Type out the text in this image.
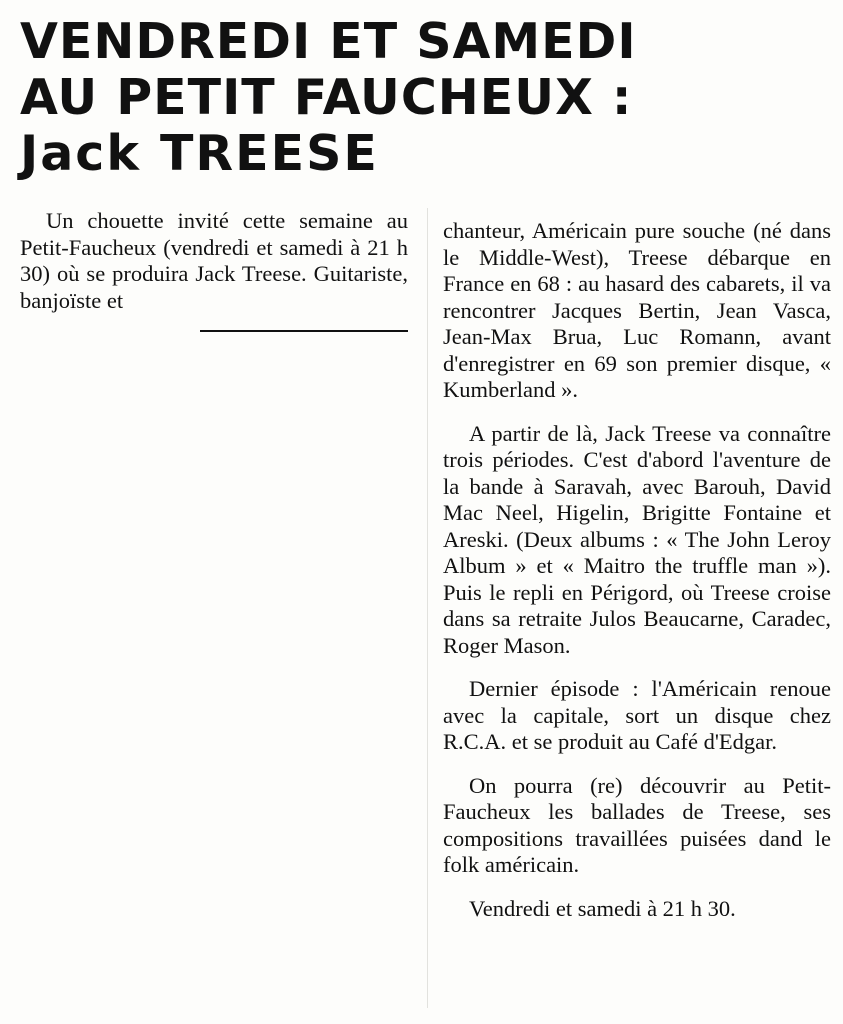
VENDREDI ET SAMEDI
AU PETIT FAUCHEUX :
Jack TREESE

Un chouette invité cette semaine au Petit-Faucheux (vendredi et samedi à 21 h 30) où se produira Jack Treese. Guitariste, banjoïste et

chanteur, Américain pure souche (né dans le Middle-West), Treese débarque en France en 68 : au hasard des cabarets, il va rencontrer Jacques Bertin, Jean Vasca, Jean-Max Brua, Luc Romann, avant d'enregistrer en 69 son premier disque, « Kumberland ».

A partir de là, Jack Treese va connaître trois périodes. C'est d'abord l'aventure de la bande à Saravah, avec Barouh, David Mac Neel, Higelin, Brigitte Fontaine et Areski. (Deux albums : « The John Leroy Album » et « Maitro the truffle man »). Puis le repli en Périgord, où Treese croise dans sa retraite Julos Beaucarne, Caradec, Roger Mason.

Dernier épisode : l'Américain renoue avec la capitale, sort un disque chez R.C.A. et se produit au Café d'Edgar.

On pourra (re) découvrir au Petit-Faucheux les ballades de Treese, ses compositions travaillées puisées dand le folk américain.

Vendredi et samedi à 21 h 30.
